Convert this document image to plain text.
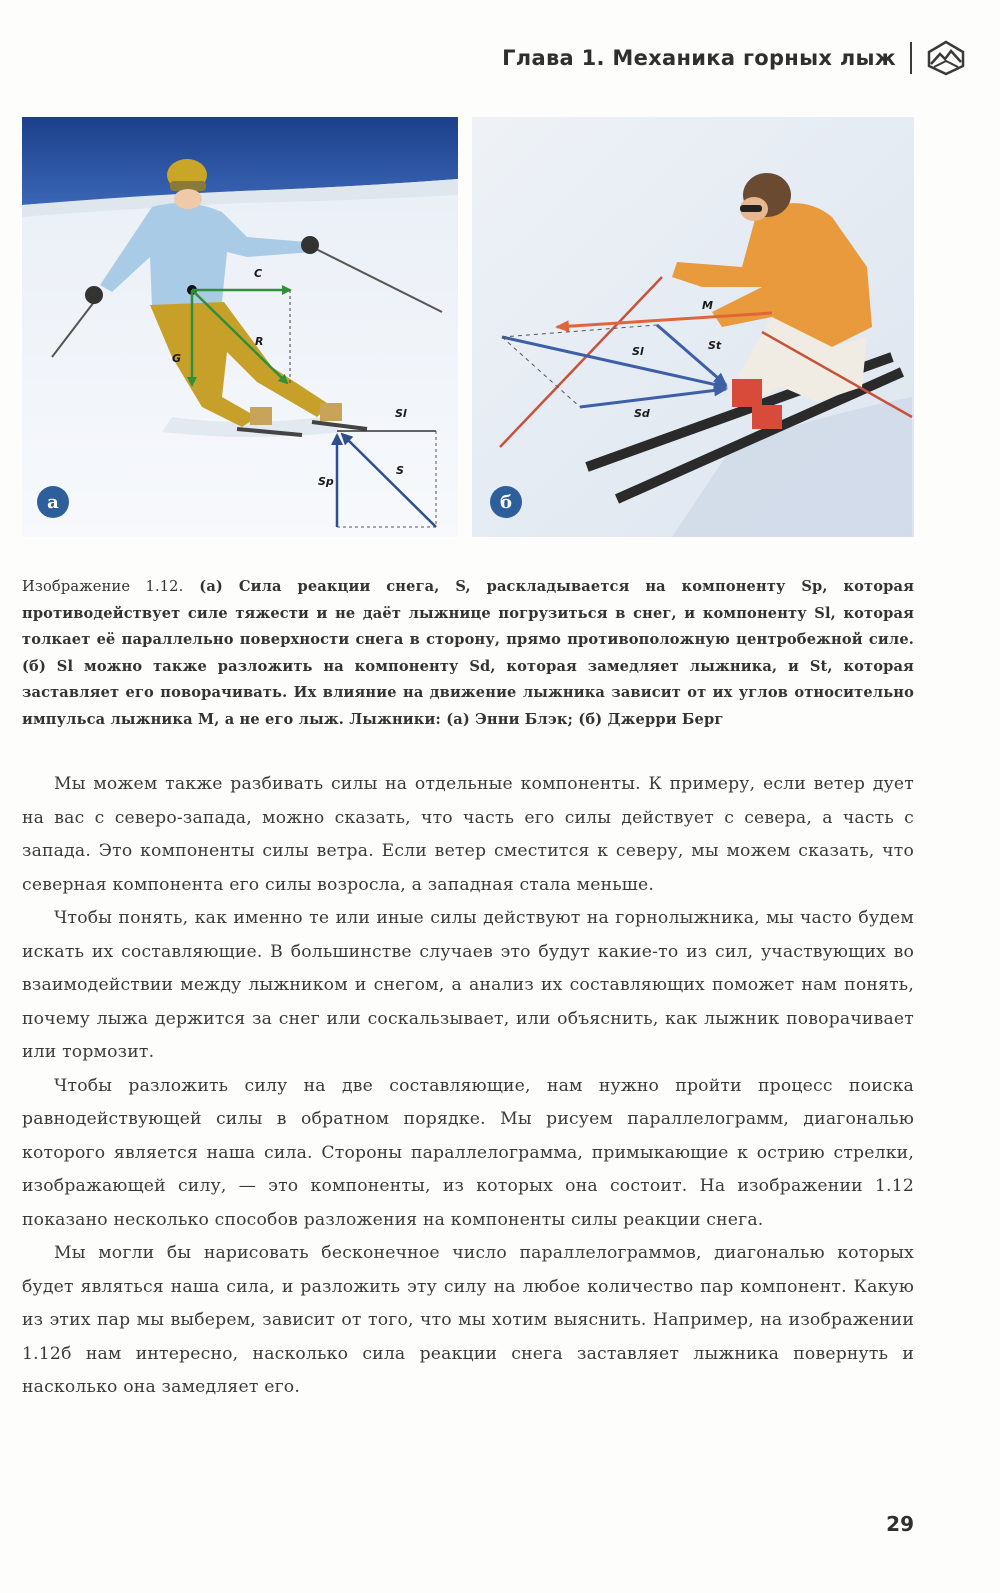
Глава 1. Механика горных лыж
C
G
R
Sl
Sp
S
а
M
Sl	St
Sd
б
Изображение 1.12. (а) Сила реакции снега, S, раскладывается на компоненту Sp, которая противодействует силе тяжести и не даёт лыжнице погрузиться в снег, и компоненту Sl, которая толкает её параллельно поверхности снега в сторону, прямо противоположную центробежной силе. (б) Sl можно также разложить на компоненту Sd, которая замедляет лыжника, и St, которая заставляет его поворачивать. Их влияние на движение лыжника зависит от их углов относительно импульса лыжника М, а не его лыж. Лыжники: (а) Энни Блэк; (б) Джерри Берг

Мы можем также разбивать силы на отдельные компоненты. К примеру, если ветер дует на вас с северо-запада, можно сказать, что часть его силы действует с севера, а часть с запада. Это компоненты силы ветра. Если ветер сместится к северу, мы можем сказать, что северная компонента его силы возросла, а западная стала меньше.

Чтобы понять, как именно те или иные силы действуют на горнолыжника, мы часто будем искать их составляющие. В большинстве случаев это будут какие-то из сил, участвующих во взаимодействии между лыжником и снегом, а анализ их составляющих поможет нам понять, почему лыжа держится за снег или соскальзывает, или объяснить, как лыжник поворачивает или тормозит.

Чтобы разложить силу на две составляющие, нам нужно пройти процесс поиска равнодействующей силы в обратном порядке. Мы рисуем параллелограмм, диагональю которого является наша сила. Стороны параллелограмма, примыкающие к острию стрелки, изображающей силу, — это компоненты, из которых она состоит. На изображении 1.12 показано несколько способов разложения на компоненты силы реакции снега.

Мы могли бы нарисовать бесконечное число параллелограммов, диагональю которых будет являться наша сила, и разложить эту силу на любое количество пар компонент. Какую из этих пар мы выберем, зависит от того, что мы хотим выяснить. Например, на изображении 1.12б нам интересно, насколько сила реакции снега заставляет лыжника повернуть и насколько она замедляет его.

29
